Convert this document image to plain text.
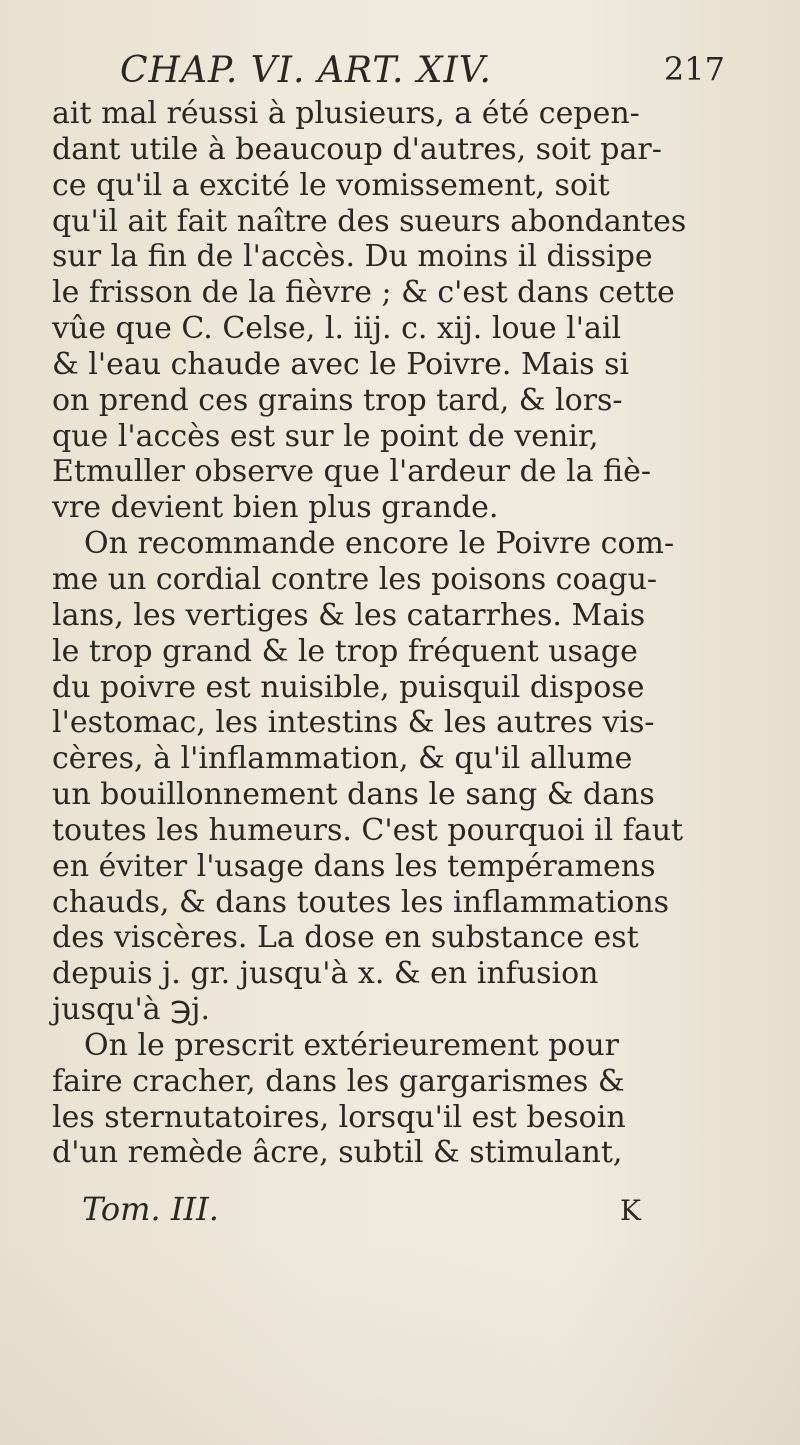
CHAP. VI. ART. XIV.	217
ait mal réussi à plusieurs, a été cepen-
dant utile à beaucoup d'autres, soit par-
ce qu'il a excité le vomissement, soit
qu'il ait fait naître des sueurs abondantes
sur la fin de l'accès. Du moins il dissipe
le frisson de la fièvre ; & c'est dans cette
vûe que C. Celse, l. iij. c. xij. loue l'ail
& l'eau chaude avec le Poivre. Mais si
on prend ces grains trop tard, & lors-
que l'accès est sur le point de venir,
Etmuller observe que l'ardeur de la fiè-
vre devient bien plus grande.
On recommande encore le Poivre com-
me un cordial contre les poisons coagu-
lans, les vertiges & les catarrhes. Mais
le trop grand & le trop fréquent usage
du poivre est nuisible, puisquil dispose
l'estomac, les intestins & les autres vis-
cères, à l'inflammation, & qu'il allume
un bouillonnement dans le sang & dans
toutes les humeurs. C'est pourquoi il faut
en éviter l'usage dans les tempéramens
chauds, & dans toutes les inflammations
des viscères. La dose en substance est
depuis j. gr. jusqu'à x. & en infusion
jusqu'à ℈j.
On le prescrit extérieurement pour
faire cracher, dans les gargarismes &
les sternutatoires, lorsqu'il est besoin
d'un remède âcre, subtil & stimulant,
Tom. III.	K
